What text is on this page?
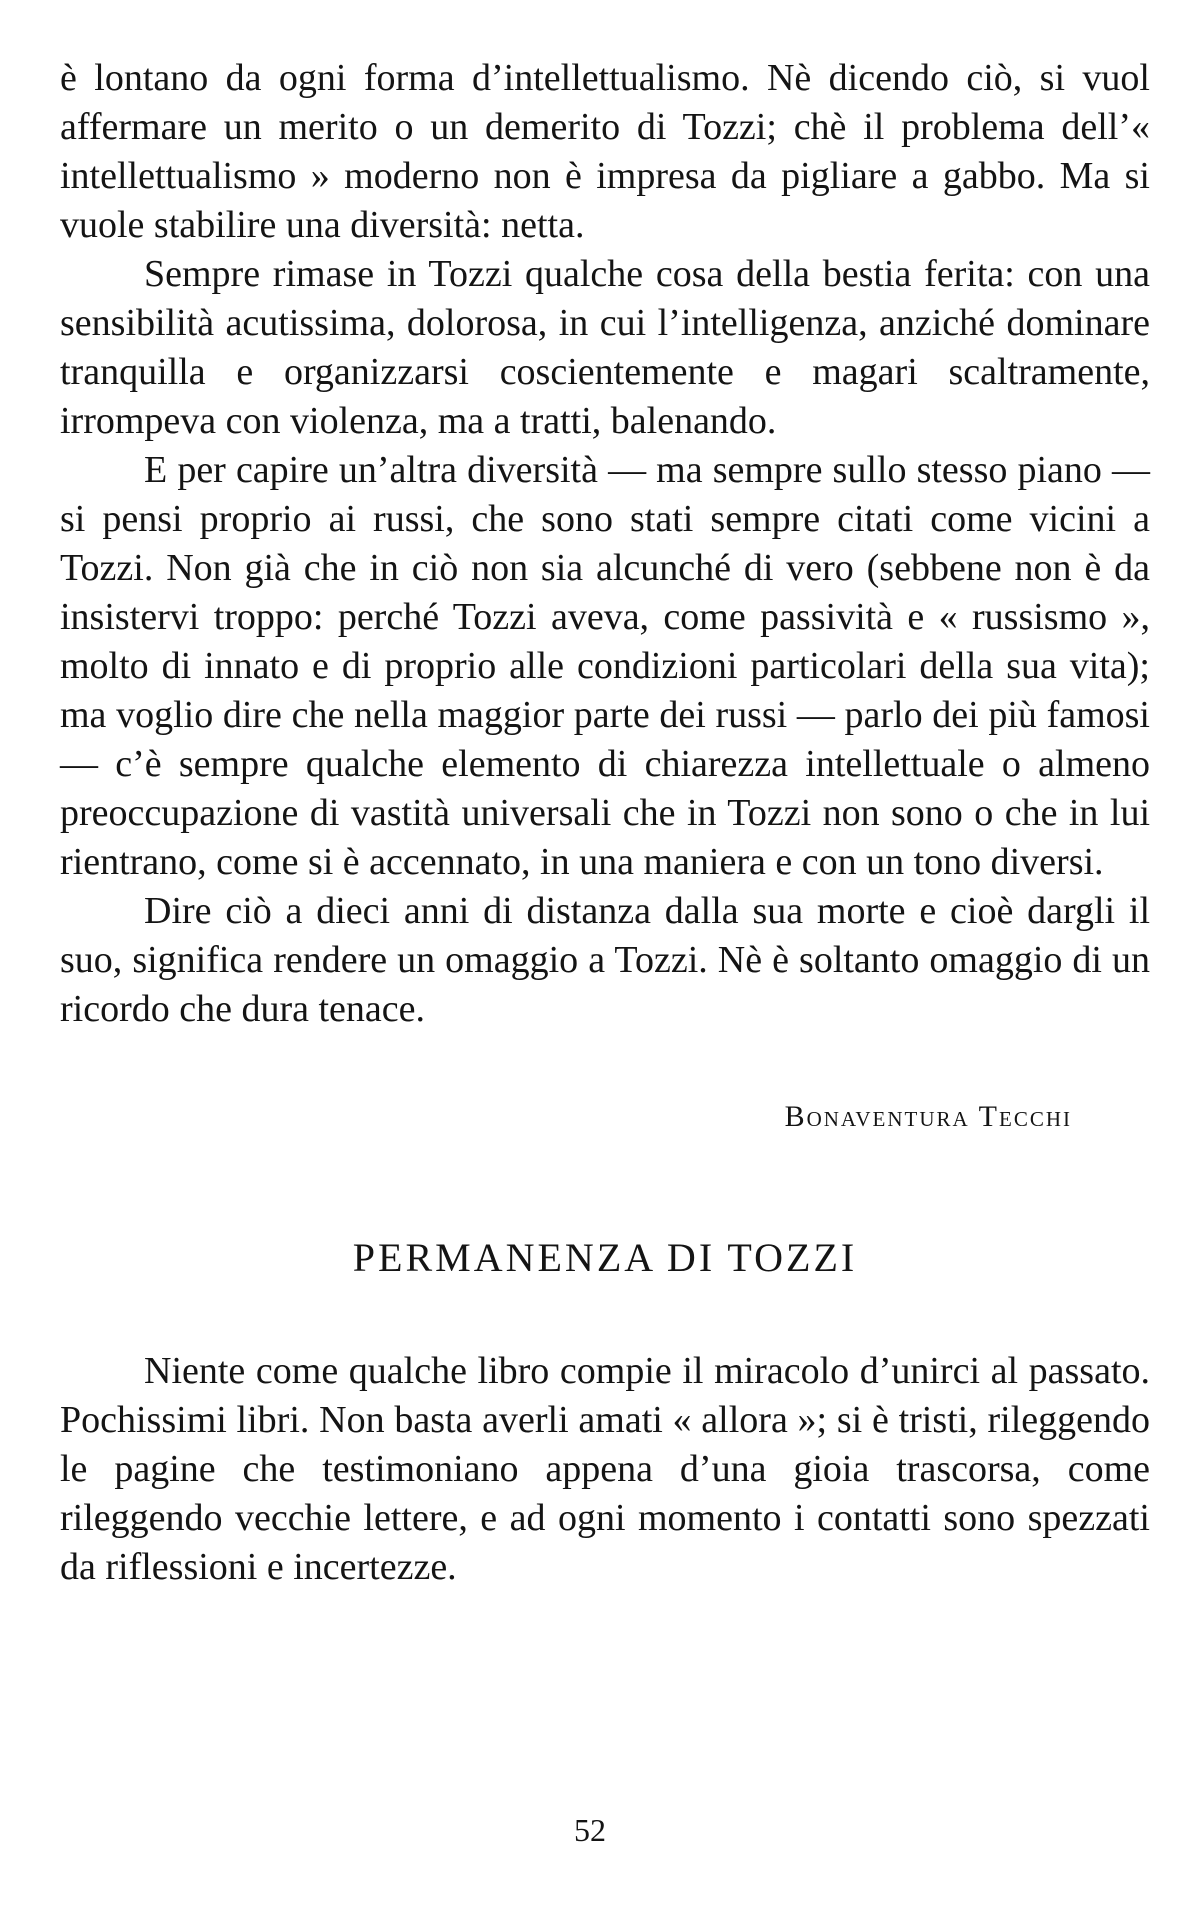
è lontano da ogni forma d’intellettualismo. Nè dicendo ciò, si vuol affermare un merito o un demerito di Tozzi; chè il problema dell’« intellettualismo » moderno non è impresa da pigliare a gabbo. Ma si vuole stabilire una diversità: netta.

Sempre rimase in Tozzi qualche cosa della bestia ferita: con una sensibilità acutissima, dolorosa, in cui l’intelligenza, anziché dominare tranquilla e organizzarsi coscientemente e magari scaltramente, irrompeva con violenza, ma a tratti, balenando.

E per capire un’altra diversità — ma sempre sullo stesso piano — si pensi proprio ai russi, che sono stati sempre citati come vicini a Tozzi. Non già che in ciò non sia alcunché di vero (sebbene non è da insistervi troppo: perché Tozzi aveva, come passività e « russismo », molto di innato e di proprio alle condizioni particolari della sua vita); ma voglio dire che nella maggior parte dei russi — parlo dei più famosi — c’è sempre qualche elemento di chiarezza intellettuale o almeno preoccupazione di vastità universali che in Tozzi non sono o che in lui rientrano, come si è accennato, in una maniera e con un tono diversi.

Dire ciò a dieci anni di distanza dalla sua morte e cioè dargli il suo, significa rendere un omaggio a Tozzi. Nè è soltanto omaggio di un ricordo che dura tenace.

Bonaventura Tecchi
PERMANENZA DI TOZZI

Niente come qualche libro compie il miracolo d’unirci al passato. Pochissimi libri. Non basta averli amati « allora »; si è tristi, rileggendo le pagine che testimoniano appena d’una gioia trascorsa, come rileggendo vecchie lettere, e ad ogni momento i contatti sono spezzati da riflessioni e incertezze.

52
